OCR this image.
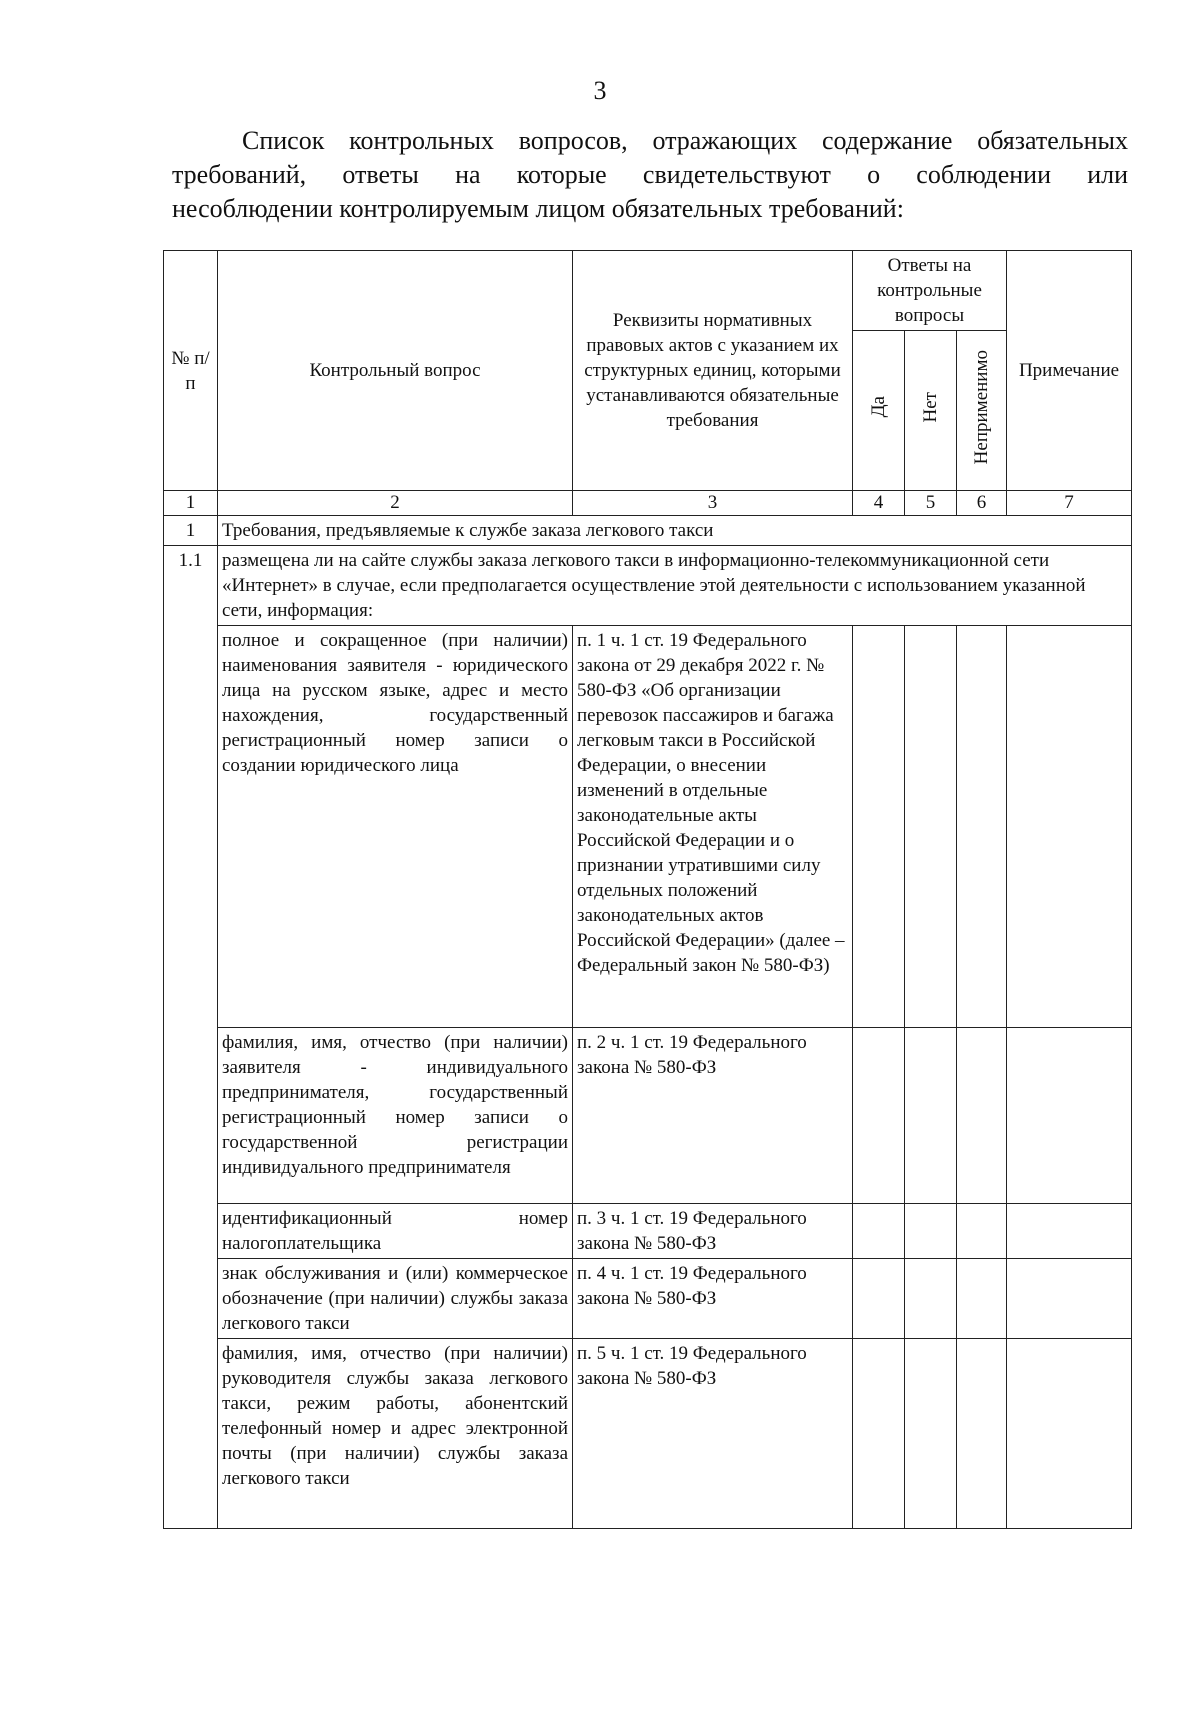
3
Список контрольных вопросов, отражающих содержание обязательных
требований, ответы на которые свидетельствуют о соблюдении или
несоблюдении контролируемым лицом обязательных требований:
№ п/п	Контрольный вопрос	Реквизиты нормативных правовых актов с указанием их структурных единиц, которыми устанавливаются обязательные требования	Ответы на контрольные вопросы			Примечание
			Да	Нет	Неприменимо	
1	2	3	4	5	6	7
1	Требования, предъявляемые к службе заказа легкового такси					
1.1	размещена ли на сайте службы заказа легкового такси в информационно-телекоммуникационной сети «Интернет» в случае, если предполагается осуществление этой деятельности с использованием указанной сети, информация:					
	полное и сокращенное (при наличии) наименования заявителя - юридического лица на русском языке, адрес и место нахождения, государственный регистрационный номер записи о создании юридического лица	п. 1 ч. 1 ст. 19 Федерального закона от 29 декабря 2022 г. № 580-ФЗ «Об организации перевозок пассажиров и багажа легковым такси в Российской Федерации, о внесении изменений в отдельные законодательные акты Российской Федерации и о признании утратившими силу отдельных положений законодательных актов Российской Федерации» (далее – Федеральный закон № 580-ФЗ)				
	фамилия, имя, отчество (при наличии) заявителя - индивидуального предпринимателя, государственный регистрационный номер записи о государственной регистрации индивидуального предпринимателя	п. 2 ч. 1 ст. 19 Федерального закона № 580-ФЗ				
	идентификационный номер налогоплательщика	п. 3 ч. 1 ст. 19 Федерального закона № 580-ФЗ				
	знак обслуживания и (или) коммерческое обозначение (при наличии) службы заказа легкового такси	п. 4 ч. 1 ст. 19 Федерального закона № 580-ФЗ				
	фамилия, имя, отчество (при наличии) руководителя службы заказа легкового такси, режим работы, абонентский телефонный номер и адрес электронной почты (при наличии) службы заказа легкового такси	п. 5 ч. 1 ст. 19 Федерального закона № 580-ФЗ				
